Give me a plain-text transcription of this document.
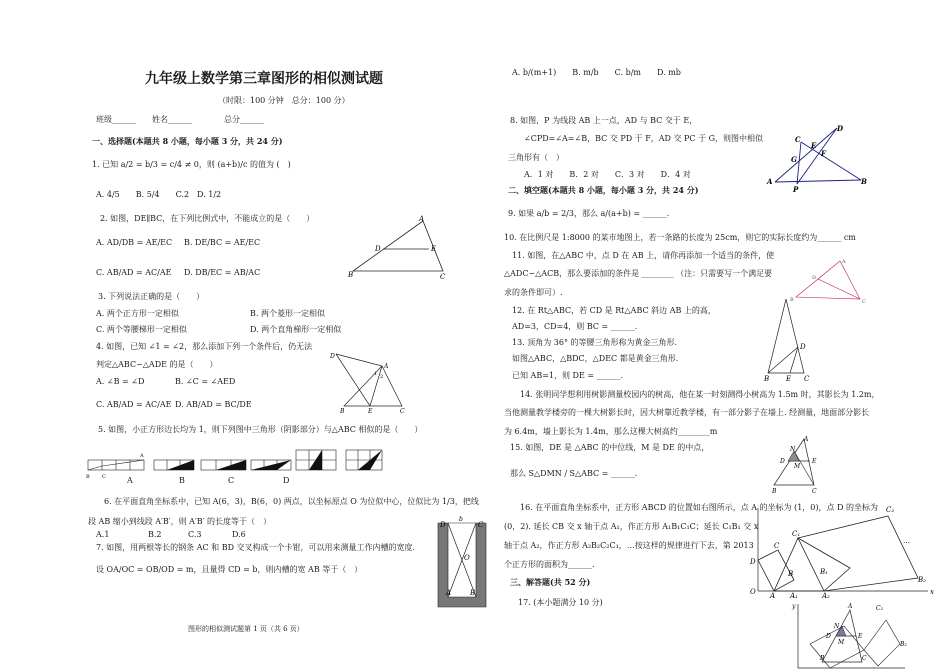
九年级上数学第三章图形的相似测试题
（时限：100 分钟　总分：100 分）
班级______　　姓名______　　　　总分______
一、选择题(本题共 8 小题，每小题 3 分，共 24 分)
1. 已知 a/2 = b/3 = c/4 ≠ 0，则 (a+b)/c 的值为 (　)
A. 4/5　　B. 5/4　　C.2　D. 1/2
2. 如图，DE∥BC，在下列比例式中，不能成立的是（　　）
A. AD/DB = AE/EC B. DE/BC = AE/EC
C. AB/AD = AC/AE D. DB/EC = AB/AC
A
B	C
D	E
3. 下列说法正确的是（　　）
A. 两个正方形一定相似	B. 两个菱形一定相似
C. 两个等腰梯形一定相似	D. 两个直角梯形一定相似
4. 如图，已知 ∠1 = ∠2，那么添加下列一个条件后，仍无法
判定△ABC∽△ADE 的是（　　）
A. ∠B = ∠D	B. ∠C = ∠AED
C. AB/AD = AC/AE D. AB/AD = BC/DE
D
A
B	E	C
1 2
5. 如图，小正方形边长均为 1，则下列图中三角形（阴影部分）与△ABC 相似的是（　　）
B
A
C	A	B	C	D
6. 在平面直角坐标系中，已知 A(6，3)，B(6，0) 两点，以坐标原点 O 为位似中心，位似比为 1/3，把线
段 AB 缩小到线段 A′B′，则 A′B′ 的长度等于（　）
A.1	B.2	C.3	D.6
7. 如图，用两根等长的钢条 AC 和 BD 交叉构成一个卡钳，可以用来测量工作内槽的宽度.
设 OA/OC = OB/OD = m，且量得 CD = b，则内槽的宽 AB 等于（　）
D	C
b
O
A	B
图形的相似测试题第 1 页（共 6 页）
A. b/(m+1)　　B. m/b　　C. b/m　　D. mb
8. 如图，P 为线段 AB 上一点，AD 与 BC 交于 E，
∠CPD=∠A=∠B，BC 交 PD 于 F，AD 交 PC 于 G，则图中相似
三角形有（　）
A．1 对　　B．2 对　　C．3 对　　D．4 对
A	B
C
D
G
E
F
P
二、填空题(本题共 8 小题，每小题 3 分，共 24 分)
9. 如果 a/b = 2/3，那么 a/(a+b) = ______.
10. 在比例尺是 1:8000 的某市地图上，若一条路的长度为 25cm，则它的实际长度约为______ cm
11. 如图，在△ABC 中，点 D 在 AB 上，请你再添加一个适当的条件，使
△ADC∽△ACB，那么要添加的条件是 ________ （注：只需要写一个满足要
求的条件即可）.
A
B	C
D
12. 在 Rt△ABC，若 CD 是 Rt△ABC 斜边 AB 上的高，
AD=3，CD=4，则 BC = ______.
13. 顶角为 36° 的等腰三角形称为黄金三角形.
如图△ABC，△BDC，△DEC 都是黄金三角形.
已知 AB=1，则 DE = ______.
D
B E C
14. 张明同学想利用树影测量校园内的树高，他在某一时刻测得小树高为 1.5m 时，其影长为 1.2m，
当他测量教学楼旁的一棵大树影长时，因大树靠近教学楼，有一部分影子在墙上. 经测量，地面部分影长
为 6.4m，墙上影长为 1.4m，那么这棵大树高约________m
15. 如图，DE 是 △ABC 的中位线，M 是 DE 的中点，
那么 S△DMN / S△ABC = ______.
A
N
M
D	E
B	C
16. 在平面直角坐标系中，正方形 ABCD 的位置如右图所示，点 A 的坐标为 (1，0)，点 D 的坐标为
(0，2). 延长 CB 交 x 轴于点 A₁，作正方形 A₁B₁C₁C；延长 C₁B₁ 交 x
轴于点 A₂，作正方形 A₂B₂C₂C₁，…按这样的规律进行下去，第 2013
个正方形的面积为______.
三、解答题(共 52 分)
17. (本小题满分 10 分)
O
D
A A₁	A₂
B	B₁
B₂
C
C₁
C₂
…
x
y	A
N
M
D	E
B	C
C₂
B₂
